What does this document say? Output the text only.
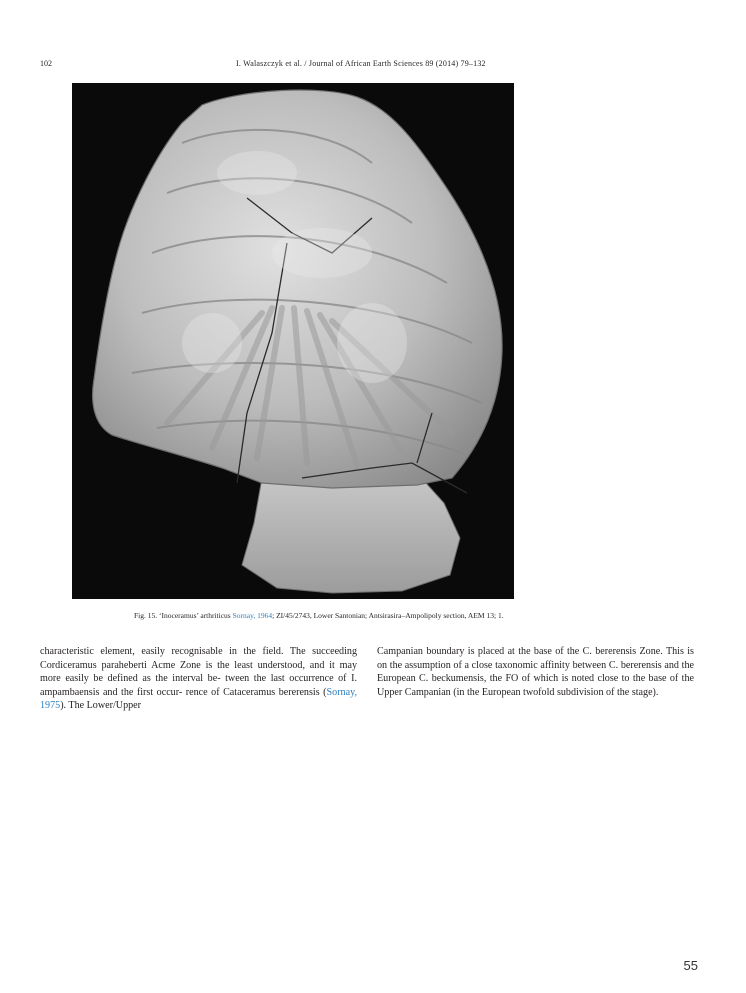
102	I. Walaszczyk et al. / Journal of African Earth Sciences 89 (2014) 79–132
Fig. 15. ‘Inoceramus’ arthriticus Sornay, 1964; ZI/45/2743, Lower Santonian; Antsirasira–Ampolipoly section, AEM 13; 1.
characteristic element, easily recognisable in the field. The succeeding Cordiceramus paraheberti Acme Zone is the least understood, and it may more easily be defined as the interval be- tween the last occurrence of I. ampambaensis and the first occur- rence of Cataceramus bererensis (Sornay, 1975). The Lower/Upper
Campanian boundary is placed at the base of the C. bererensis Zone. This is on the assumption of a close taxonomic affinity between C. bererensis and the European C. beckumensis, the FO of which is noted close to the base of the Upper Campanian (in the European twofold subdivision of the stage).
55
